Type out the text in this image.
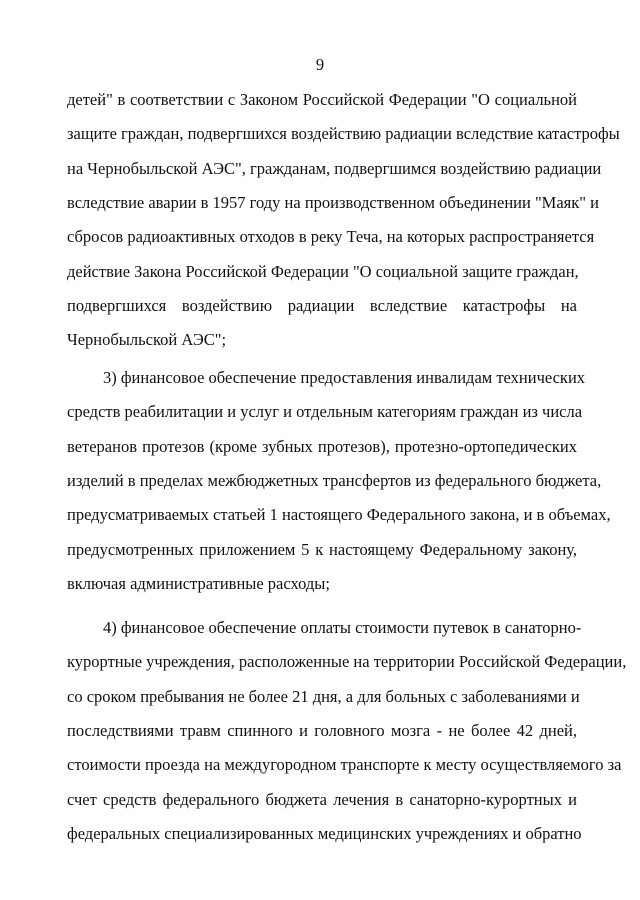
9
детей" в соответствии с Законом Российской Федерации "О социальной
защите граждан, подвергшихся воздействию радиации вследствие катастрофы
на Чернобыльской АЭС", гражданам, подвергшимся воздействию радиации
вследствие аварии в 1957 году на производственном объединении "Маяк" и
сбросов радиоактивных отходов в реку Теча, на которых распространяется
действие Закона Российской Федерации "О социальной защите граждан,
подвергшихся воздействию радиации вследствие катастрофы на
Чернобыльской АЭС";
3) финансовое обеспечение предоставления инвалидам технических
средств реабилитации и услуг и отдельным категориям граждан из числа
ветеранов протезов (кроме зубных протезов), протезно-ортопедических
изделий в пределах межбюджетных трансфертов из федерального бюджета,
предусматриваемых статьей 1 настоящего Федерального закона, и в объемах,
предусмотренных приложением 5 к настоящему Федеральному закону,
включая административные расходы;
4) финансовое обеспечение оплаты стоимости путевок в санаторно-
курортные учреждения, расположенные на территории Российской Федерации,
со сроком пребывания не более 21 дня, а для больных с заболеваниями и
последствиями травм спинного и головного мозга - не более 42 дней,
стоимости проезда на междугородном транспорте к месту осуществляемого за
счет средств федерального бюджета лечения в санаторно-курортных и
федеральных специализированных медицинских учреждениях и обратно
